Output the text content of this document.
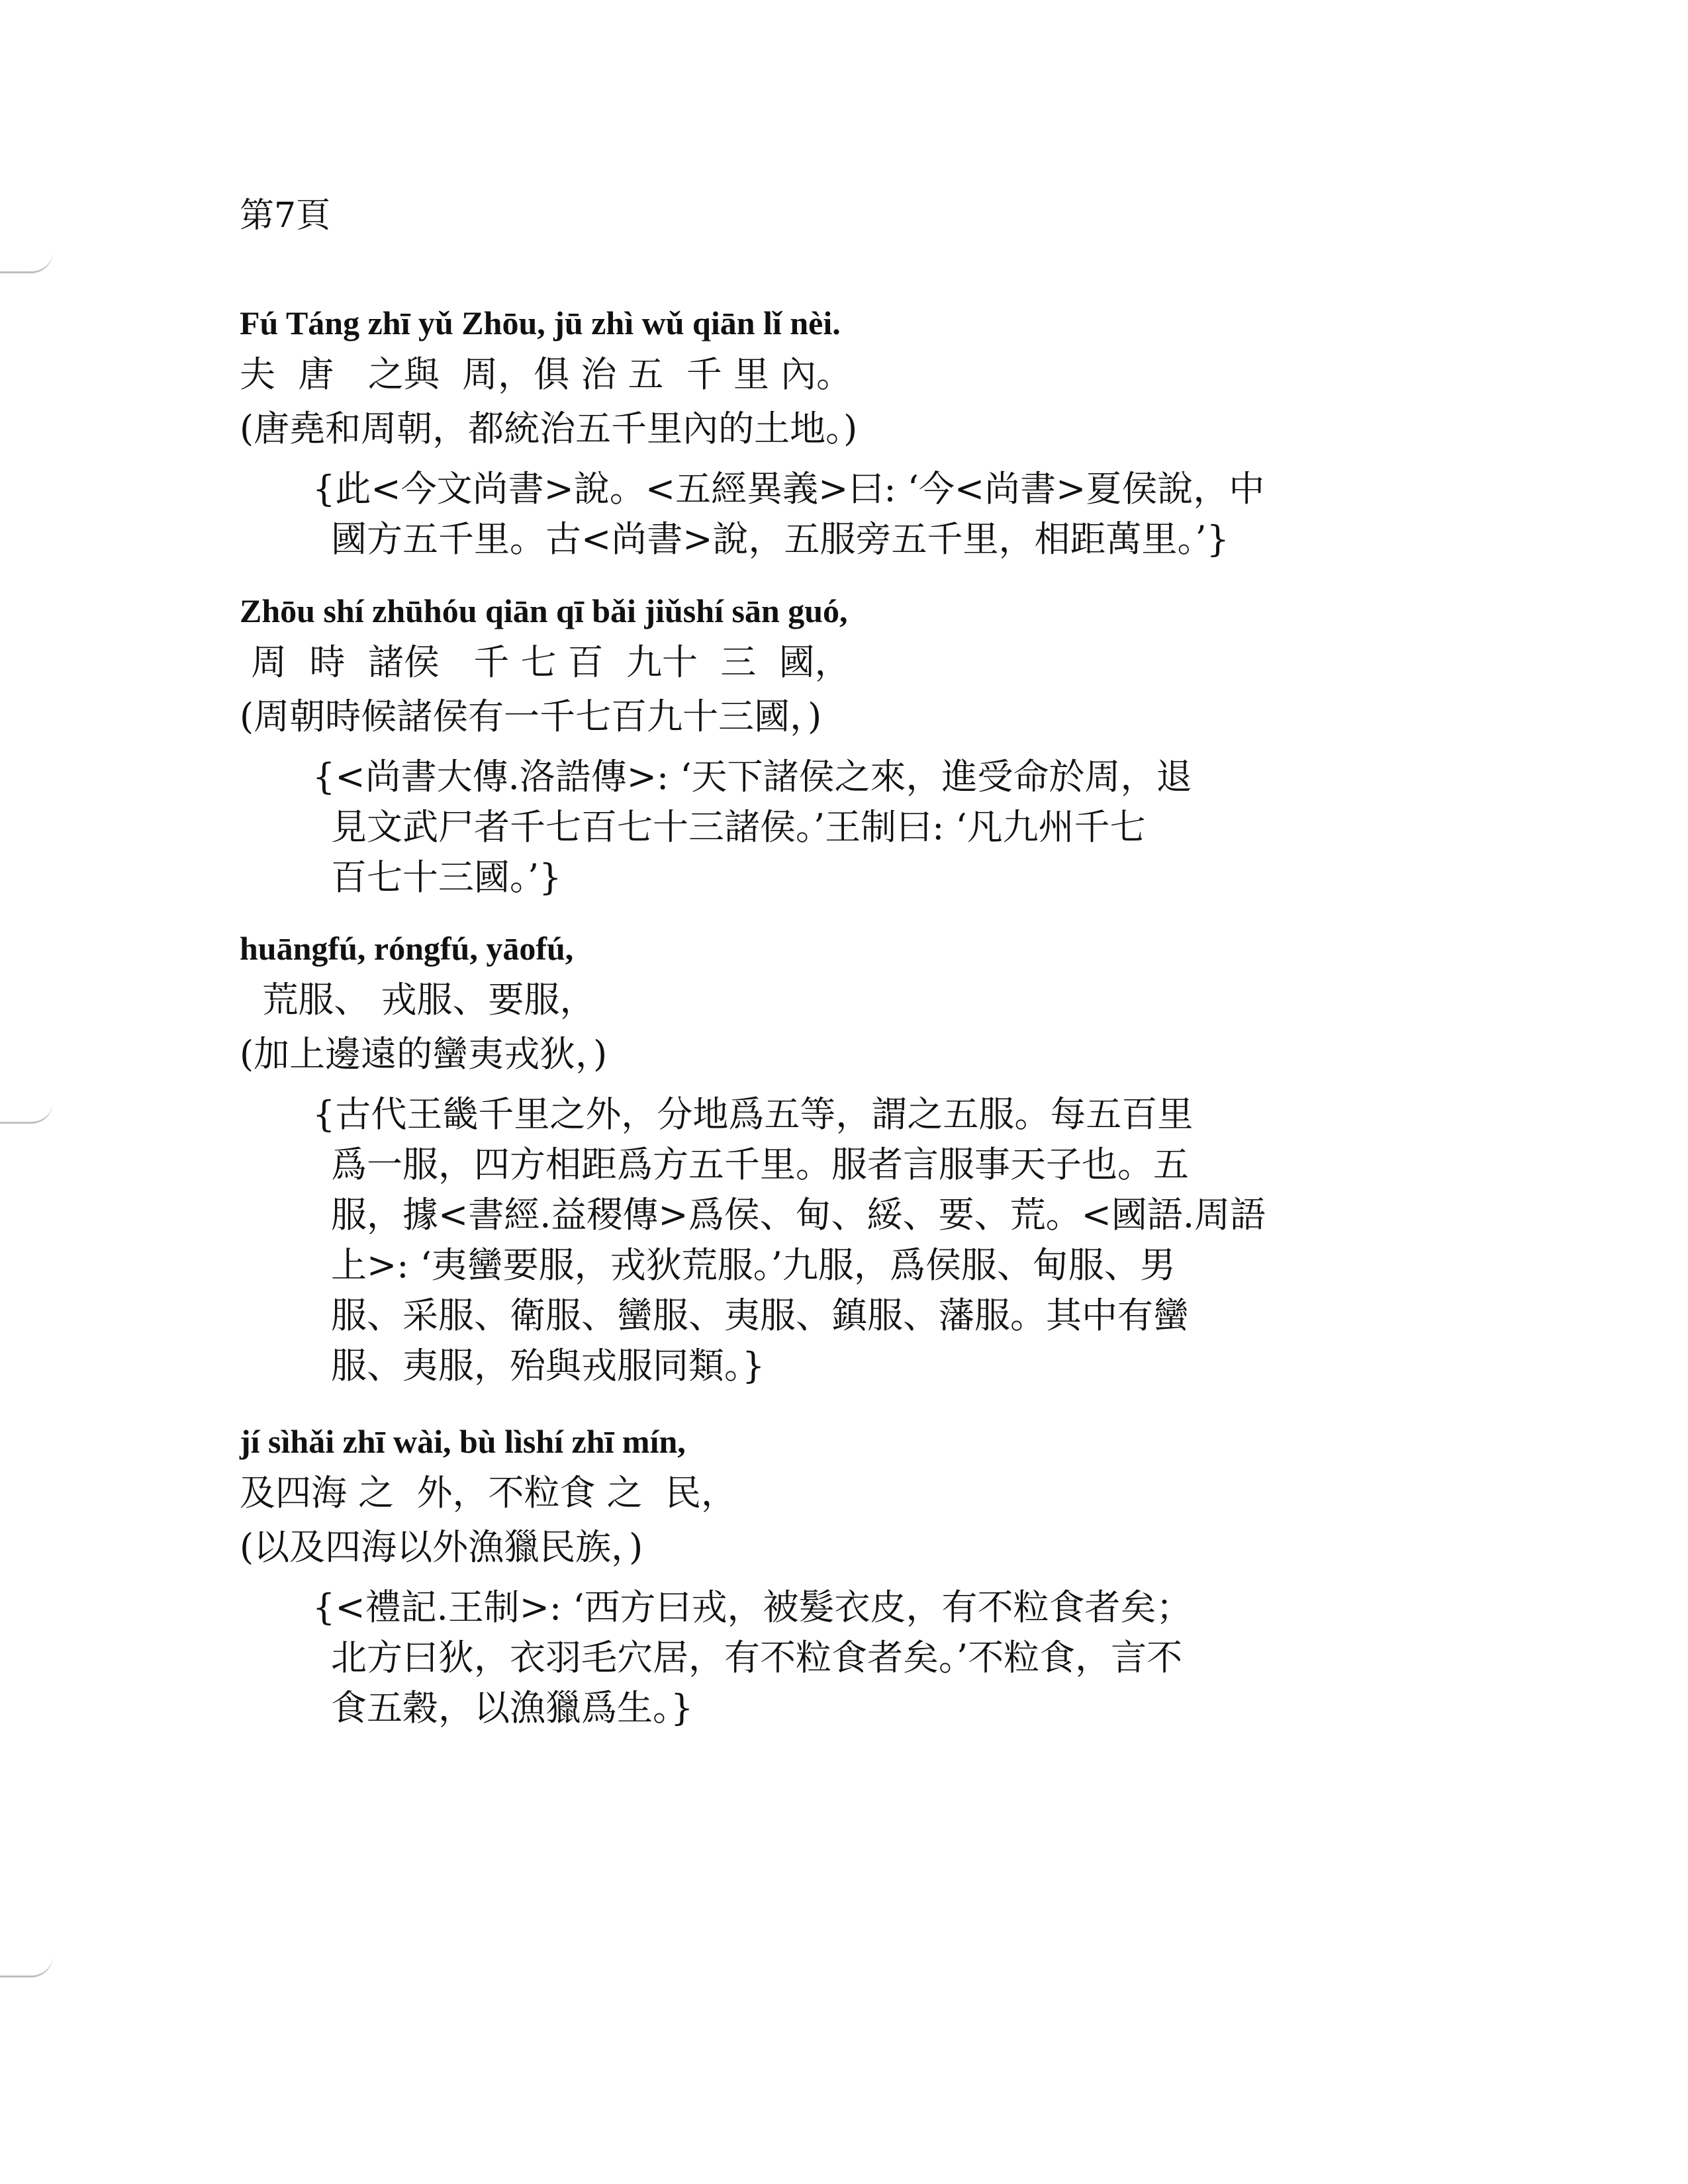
第7頁
Fú Táng zhī yǔ Zhōu, jū zhì wǔ qiān lǐ nèi.
夫  唐   之與  周，俱 治 五  千 里 內。
(唐堯和周朝，都統治五千里內的土地。)
{此<今文尚書>說。<五經異義>曰: ‘今<尚書>夏侯說，中
國方五千里。古<尚書>說，五服旁五千里，相距萬里。’}
Zhōu shí zhūhóu qiān qī bǎi jiǔshí sān guó,
周  時  諸侯   千 七 百  九十  三  國，
(周朝時候諸侯有一千七百九十三國，)
{<尚書大傳.洛誥傳>: ‘天下諸侯之來，進受命於周，退
見文武尸者千七百七十三諸侯。’王制曰: ‘凡九州千七
百七十三國。’}
huāngfú, róngfú, yāofú,
荒服、 戎服、要服，
(加上邊遠的蠻夷戎狄，)
{古代王畿千里之外，分地爲五等，謂之五服。每五百里
爲一服，四方相距爲方五千里。服者言服事天子也。五
服，據<書經.益稷傳>爲侯、甸、綏、要、荒。<國語.周語
上>: ‘夷蠻要服，戎狄荒服。’九服，爲侯服、甸服、男
服、采服、衛服、蠻服、夷服、鎮服、藩服。其中有蠻
服、夷服，殆與戎服同類。}
jí sìhǎi zhī wài, bù lìshí zhī mín,
及四海 之  外，不粒食 之  民，
(以及四海以外漁獵民族，)
{<禮記.王制>: ‘西方曰戎，被髮衣皮，有不粒食者矣；
北方曰狄，衣羽毛穴居，有不粒食者矣。’不粒食，言不
食五穀，以漁獵爲生。}
